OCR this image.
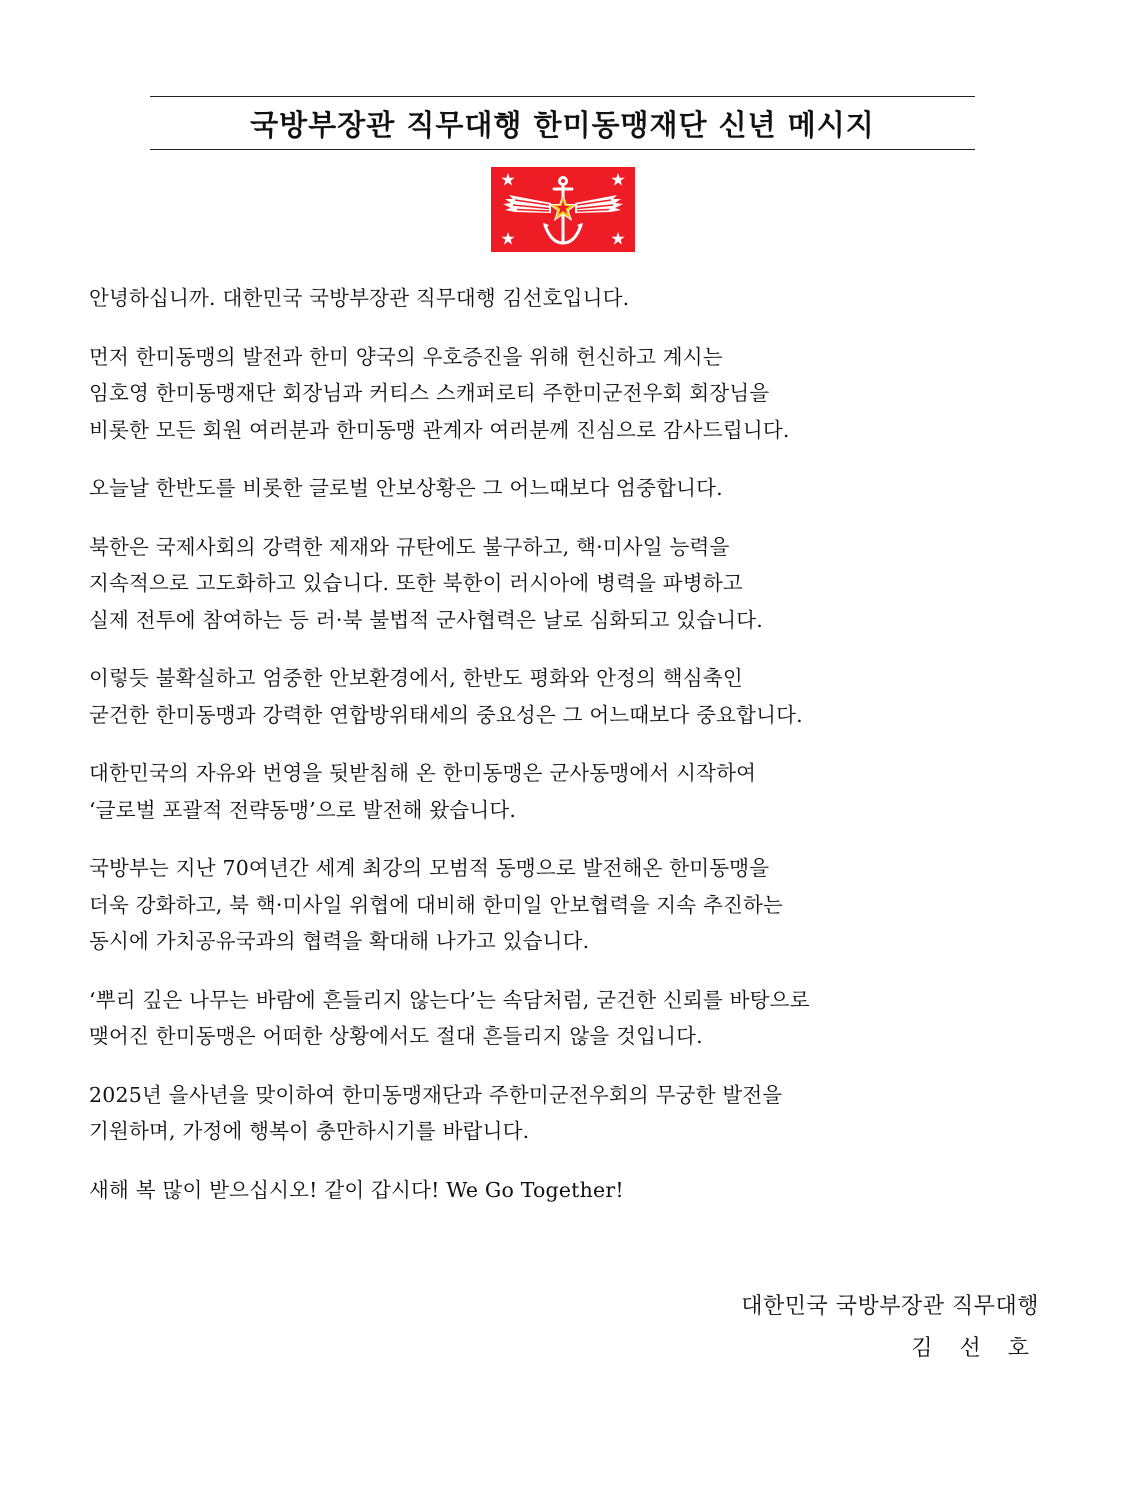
국방부장관 직무대행 한미동맹재단 신년 메시지

안녕하십니까. 대한민국 국방부장관 직무대행 김선호입니다.

먼저 한미동맹의 발전과 한미 양국의 우호증진을 위해 헌신하고 계시는
임호영 한미동맹재단 회장님과 커티스 스캐퍼로티 주한미군전우회 회장님을
비롯한 모든 회원 여러분과 한미동맹 관계자 여러분께 진심으로 감사드립니다.

오늘날 한반도를 비롯한 글로벌 안보상황은 그 어느때보다 엄중합니다.

북한은 국제사회의 강력한 제재와 규탄에도 불구하고, 핵·미사일 능력을
지속적으로 고도화하고 있습니다. 또한 북한이 러시아에 병력을 파병하고
실제 전투에 참여하는 등 러·북 불법적 군사협력은 날로 심화되고 있습니다.

이렇듯 불확실하고 엄중한 안보환경에서, 한반도 평화와 안정의 핵심축인
굳건한 한미동맹과 강력한 연합방위태세의 중요성은 그 어느때보다 중요합니다.

대한민국의 자유와 번영을 뒷받침해 온 한미동맹은 군사동맹에서 시작하여
‘글로벌 포괄적 전략동맹’으로 발전해 왔습니다.

국방부는 지난 70여년간 세계 최강의 모범적 동맹으로 발전해온 한미동맹을
더욱 강화하고, 북 핵·미사일 위협에 대비해 한미일 안보협력을 지속 추진하는
동시에 가치공유국과의 협력을 확대해 나가고 있습니다.

‘뿌리 깊은 나무는 바람에 흔들리지 않는다’는 속담처럼, 굳건한 신뢰를 바탕으로
맺어진 한미동맹은 어떠한 상황에서도 절대 흔들리지 않을 것입니다.

2025년 을사년을 맞이하여 한미동맹재단과 주한미군전우회의 무궁한 발전을
기원하며, 가정에 행복이 충만하시기를 바랍니다.

새해 복 많이 받으십시오! 같이 갑시다! We Go Together!

대한민국 국방부장관 직무대행
김 선 호
